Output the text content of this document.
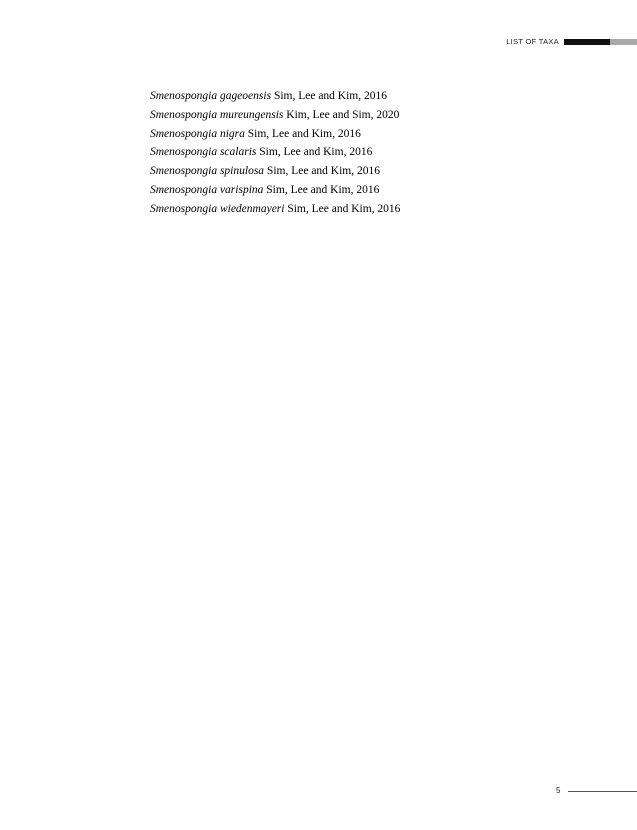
LIST OF TAXA
Smenospongia gageoensis Sim, Lee and Kim, 2016
Smenospongia mureungensis Kim, Lee and Sim, 2020
Smenospongia nigra Sim, Lee and Kim, 2016
Smenospongia scalaris Sim, Lee and Kim, 2016
Smenospongia spinulosa Sim, Lee and Kim, 2016
Smenospongia varispina Sim, Lee and Kim, 2016
Smenospongia wiedenmayeri Sim, Lee and Kim, 2016
5
